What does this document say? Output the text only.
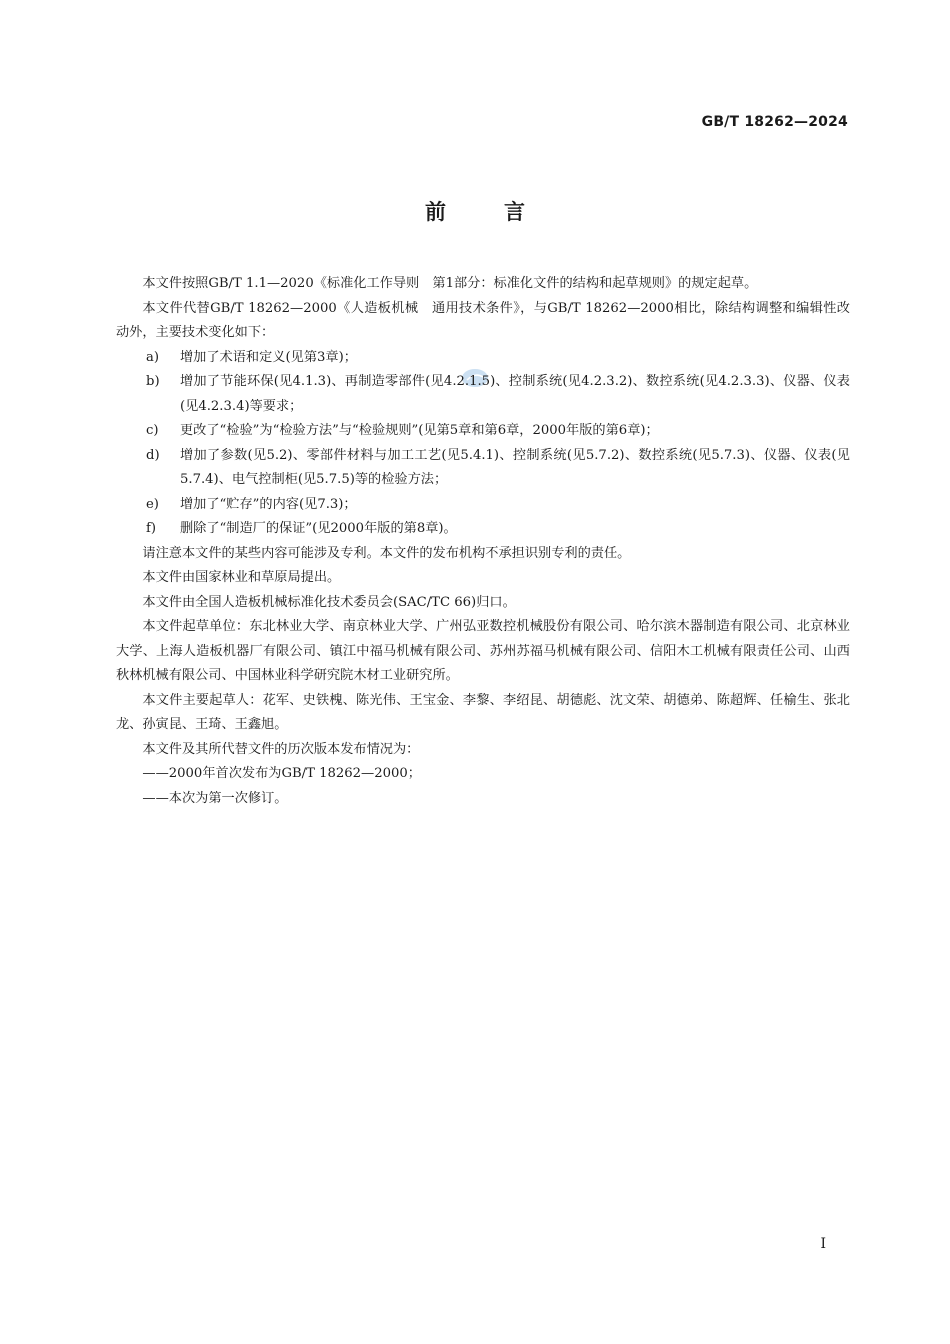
GB/T 18262—2024
前言

本文件按照GB/T 1.1—2020《标准化工作导则　第1部分：标准化文件的结构和起草规则》的规定起草。

本文件代替GB/T 18262—2000《人造板机械　通用技术条件》，与GB/T 18262—2000相比，除结构调整和编辑性改动外，主要技术变化如下：

a)	增加了术语和定义(见第3章)；
b)	增加了节能环保(见4.1.3)、再制造零部件(见4.2.1.5)、控制系统(见4.2.3.2)、数控系统(见4.2.3.3)、仪器、仪表(见4.2.3.4)等要求；
c)	更改了“检验”为“检验方法”与“检验规则”(见第5章和第6章，2000年版的第6章)；
d)	增加了参数(见5.2)、零部件材料与加工工艺(见5.4.1)、控制系统(见5.7.2)、数控系统(见5.7.3)、仪器、仪表(见5.7.4)、电气控制柜(见5.7.5)等的检验方法；
e)	增加了“贮存”的内容(见7.3)；
f)	删除了“制造厂的保证”(见2000年版的第8章)。

请注意本文件的某些内容可能涉及专利。本文件的发布机构不承担识别专利的责任。

本文件由国家林业和草原局提出。

本文件由全国人造板机械标准化技术委员会(SAC/TC 66)归口。

本文件起草单位：东北林业大学、南京林业大学、广州弘亚数控机械股份有限公司、哈尔滨木器制造有限公司、北京林业大学、上海人造板机器厂有限公司、镇江中福马机械有限公司、苏州苏福马机械有限公司、信阳木工机械有限责任公司、山西秋林机械有限公司、中国林业科学研究院木材工业研究所。

本文件主要起草人：花军、史铁槐、陈光伟、王宝金、李黎、李绍昆、胡德彪、沈文荣、胡德弟、陈超辉、任榆生、张北龙、孙寅昆、王琦、王鑫旭。

本文件及其所代替文件的历次版本发布情况为：

——2000年首次发布为GB/T 18262—2000；

——本次为第一次修订。

I
